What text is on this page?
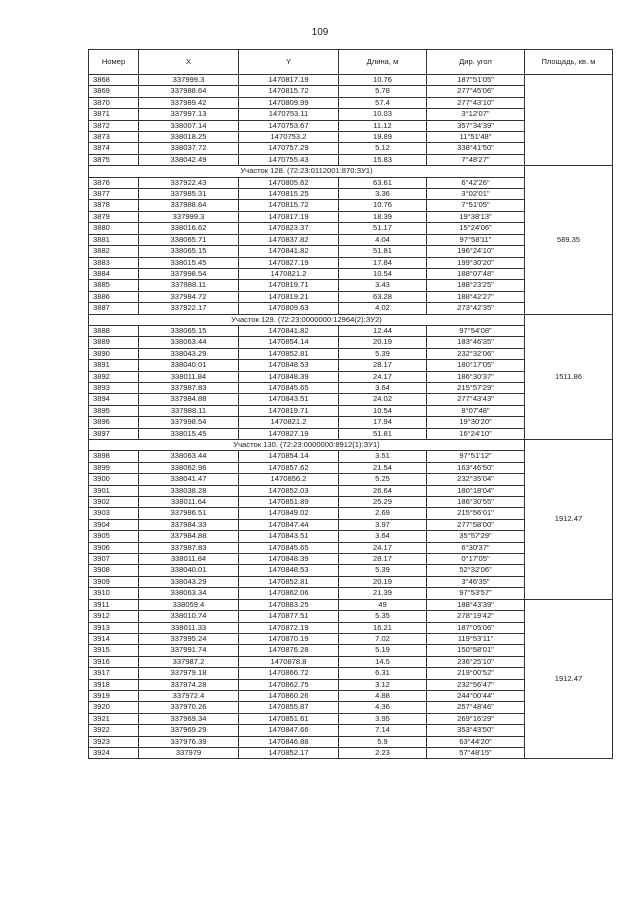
109
Номер	X	Y	Длина, м	Дир. угол	Площадь, кв. м
3868	337999.3	1470817.19	10.76	187°51'05"	
3869	337988.64	1470815.72	5.78	277°45'06"	
3870	337989.42	1470809.99	57.4	277°43'10"	
3871	337997.13	1470753.11	10.03	3°12'07"	
3872	338007.14	1470753.67	11.12	357°34'39"	
3873	338018.25	1470753.2	19.89	11°51'48"	
3874	338037.72	1470757.29	5.12	338°41'50"	
3875	338042.49	1470755.43	15.83	7°48'27"	
Участок 128. (72:23:0112001:870:ЗУ1)					589.35
3876	337922.43	1470805.62	63.61	6°42'26"	
3877	337985.31	1470815.25	3.36	3°02'01"	
3878	337988.64	1470815.72	10.76	7°51'05"	
3879	337999.3	1470817.19	18.39	19°38'13"	
3880	338016.62	1470823.37	51.17	15°24'06"	
3881	338065.71	1470837.82	4.04	97°58'11"	
3882	338065.15	1470841.82	51.81	196°24'10"	
3883	338015.45	1470827.19	17.84	199°30'20"	
3884	337998.54	1470821.2	10.54	188°07'48"	
3885	337988.11	1470819.71	3.43	188°23'25"	
3886	337984.72	1470819.21	63.28	188°42'27"	
3887	337922.17	1470809.63	4.02	273°42'35"	
Участок 129. (72:23:0000000:12964(2):ЗУ2)					1511.86
3888	338065.15	1470841.82	12.44	97°54'08"	
3889	338063.44	1470854.14	20.19	183°46'35"	
3890	338043.29	1470852.81	5.39	232°32'06"	
3891	338040.01	1470848.53	28.17	180°17'05"	
3892	338011.84	1470848.39	24.17	186°30'37"	
3893	337987.83	1470845.65	3.64	215°57'29"	
3894	337984.88	1470843.51	24.02	277°43'43"	
3895	337988.11	1470819.71	10.54	8°07'48"	
3896	337998.54	1470821.2	17.94	19°30'20"	
3897	338015.45	1470827.19	51.81	16°24'10"	
Участок 130. (72:23:0000000:8912(1):ЗУ1)					1912.47
3898	338063.44	1470854.14	3.51	97°51'12"	
3899	338062.96	1470857.62	21.54	163°46'50"	
3900	338041.47	1470856.2	5.25	232°35'04"	
3901	338038.28	1470852.03	26.64	180°18'04"	
3902	338011.64	1470851.89	25.29	186°30'55"	
3903	337986.51	1470849.02	2.69	215°56'01"	
3904	337984.33	1470847.44	3.97	277°58'00"	
3905	337984.88	1470843.51	3.64	35°57'29"	
3906	337987.83	1470845.65	24.17	6°30'37"	
3907	338011.84	1470848.39	28.17	0°17'05"	
3908	338040.01	1470848.53	5.39	52°32'06"	
3909	338043.29	1470852.81	20.19	3°46'35"	
3910	338063.34	1470862.06	21.39	97°53'57"	
3911	338059.4	1470883.25	49	188°43'39"	1912.47
3912	338010.74	1470877.51	5.35	278°19'42"	
3913	338011.33	1470872.19	16.21	187°05'06"	
3914	337995.24	1470870.19	7.02	119°53'11"	
3915	337991.74	1470876.28	5.19	150°58'01"	
3916	337987.2	1470878.8	14.5	236°25'10"	
3917	337979.18	1470866.72	6.31	219°00'52"	
3918	337974.28	1470862.75	3.12	232°56'47"	
3919	337972.4	1470860.26	4.88	244°00'44"	
3920	337970.26	1470855.87	4.36	257°48'46"	
3921	337969.34	1470851.61	3.95	269°16'29"	
3922	337969.29	1470847.66	7.14	353°43'50"	
3923	337976.39	1470846.88	5.9	63°44'20"	
3924	337979	1470852.17	2.23	57°48'15"	
